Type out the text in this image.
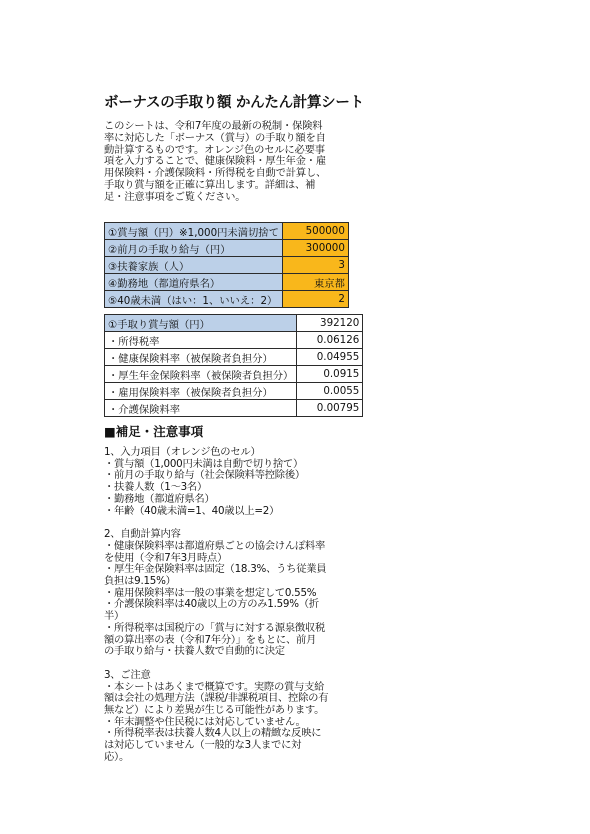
ボーナスの手取り額 かんたん計算シート
このシートは、令和7年度の最新の税制・保険料
率に対応した「ボーナス（賞与）の手取り額を自
動計算するものです。オレンジ色のセルに必要事
項を入力することで、健康保険料・厚生年金・雇
用保険料・介護保険料・所得税を自動で計算し、
手取り賞与額を正確に算出します。詳細は、補
足・注意事項をご覧ください。
①賞与額（円）※1,000円未満切捨て	500000
②前月の手取り給与（円）	300000
③扶養家族（人）	3
④勤務地（都道府県名）	東京都
⑤40歳未満（はい：1、いいえ：2）	2
①手取り賞与額（円）	392120
・所得税率	0.06126
・健康保険料率（被保険者負担分）	0.04955
・厚生年金保険料率（被保険者負担分）	0.0915
・雇用保険料率（被保険者負担分）	0.0055
・介護保険料率	0.00795
■補足・注意事項
1、入力項目（オレンジ色のセル）
・賞与額（1,000円未満は自動で切り捨て）
・前月の手取り給与（社会保険料等控除後）
・扶養人数（1～3名）
・勤務地（都道府県名）
・年齢（40歳未満=1、40歳以上=2）
2、自動計算内容
・健康保険料率は都道府県ごとの協会けんぽ料率
を使用（令和7年3月時点）
・厚生年金保険料率は固定（18.3%、うち従業員
負担は9.15%）
・雇用保険料率は一般の事業を想定して0.55%
・介護保険料率は40歳以上の方のみ1.59%（折
半）
・所得税率は国税庁の「賞与に対する源泉徴収税
額の算出率の表（令和7年分）」をもとに、前月
の手取り給与・扶養人数で自動的に決定
3、ご注意
・本シートはあくまで概算です。実際の賞与支給
額は会社の処理方法（課税/非課税項目、控除の有
無など）により差異が生じる可能性があります。
・年末調整や住民税には対応していません。
・所得税率表は扶養人数4人以上の精緻な反映に
は対応していません（一般的な3人までに対
応）。
